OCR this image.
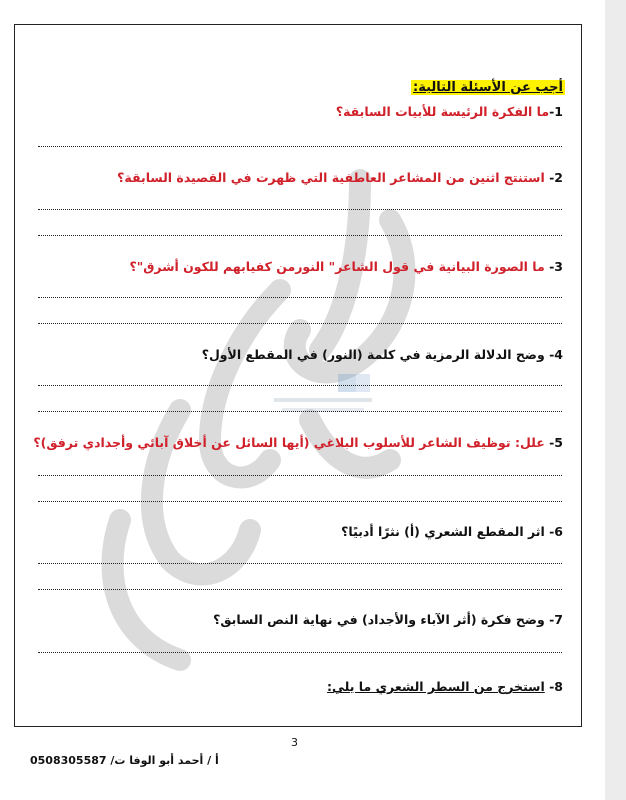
أجب عن الأسئلة التالية:
1-ما الفكرة الرئيسة للأبيات السابقة؟
2- استنتج اثنين من المشاعر العاطفية التي ظهرت في القصيدة السابقة؟
3- ما الصورة البيانية في قول الشاعر" النورمن كفيابهم للكون أشرق"؟
4- وضح الدلالة الرمزية في كلمة (النور) في المقطع الأول؟
5- علل: توظيف الشاعر للأسلوب البلاغي (أيها السائل عن أخلاق آبائي وأجدادي ترفق)؟
6- اثر المقطع الشعري (أ) نثرًا أدبيًا؟
7- وضح فكرة (أثر الآباء والأجداد) في نهاية النص السابق؟
8- استخرج من السطر الشعري ما يلي:
3
أ / أحمد أبو الوفا ت/ 0508305587
